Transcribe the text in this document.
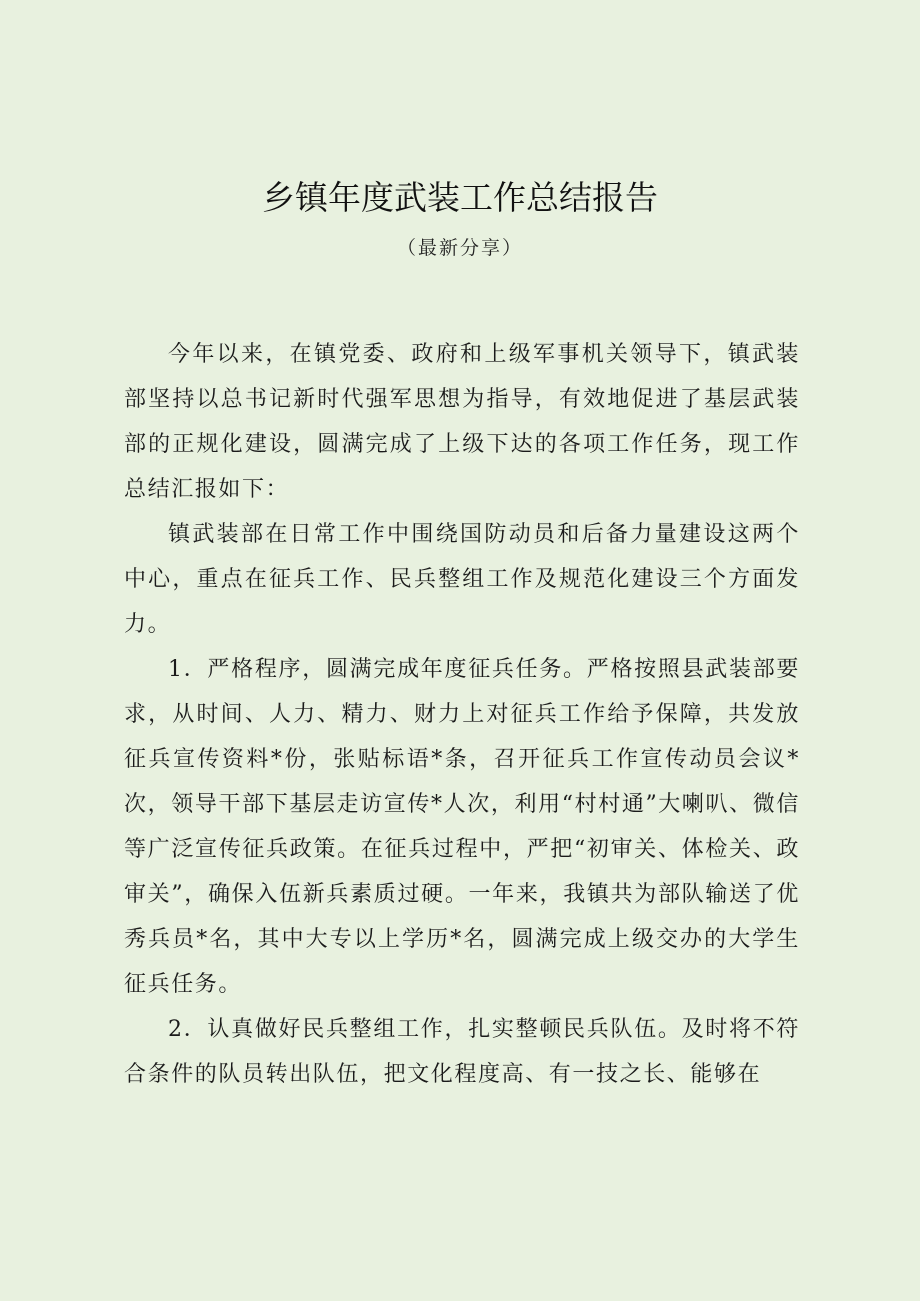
乡镇年度武装工作总结报告
（最新分享）

今年以来，在镇党委、政府和上级军事机关领导下，镇武装部坚持以总书记新时代强军思想为指导，有效地促进了基层武装部的正规化建设，圆满完成了上级下达的各项工作任务，现工作总结汇报如下：

镇武装部在日常工作中围绕国防动员和后备力量建设这两个中心，重点在征兵工作、民兵整组工作及规范化建设三个方面发力。

1．严格程序，圆满完成年度征兵任务。严格按照县武装部要求，从时间、人力、精力、财力上对征兵工作给予保障，共发放征兵宣传资料*份，张贴标语*条，召开征兵工作宣传动员会议*次，领导干部下基层走访宣传*人次，利用“村村通”大喇叭、微信等广泛宣传征兵政策。在征兵过程中，严把“初审关、体检关、政审关”，确保入伍新兵素质过硬。一年来，我镇共为部队输送了优秀兵员*名，其中大专以上学历*名，圆满完成上级交办的大学生征兵任务。

2．认真做好民兵整组工作，扎实整顿民兵队伍。及时将不符合条件的队员转出队伍，把文化程度高、有一技之长、能够在
